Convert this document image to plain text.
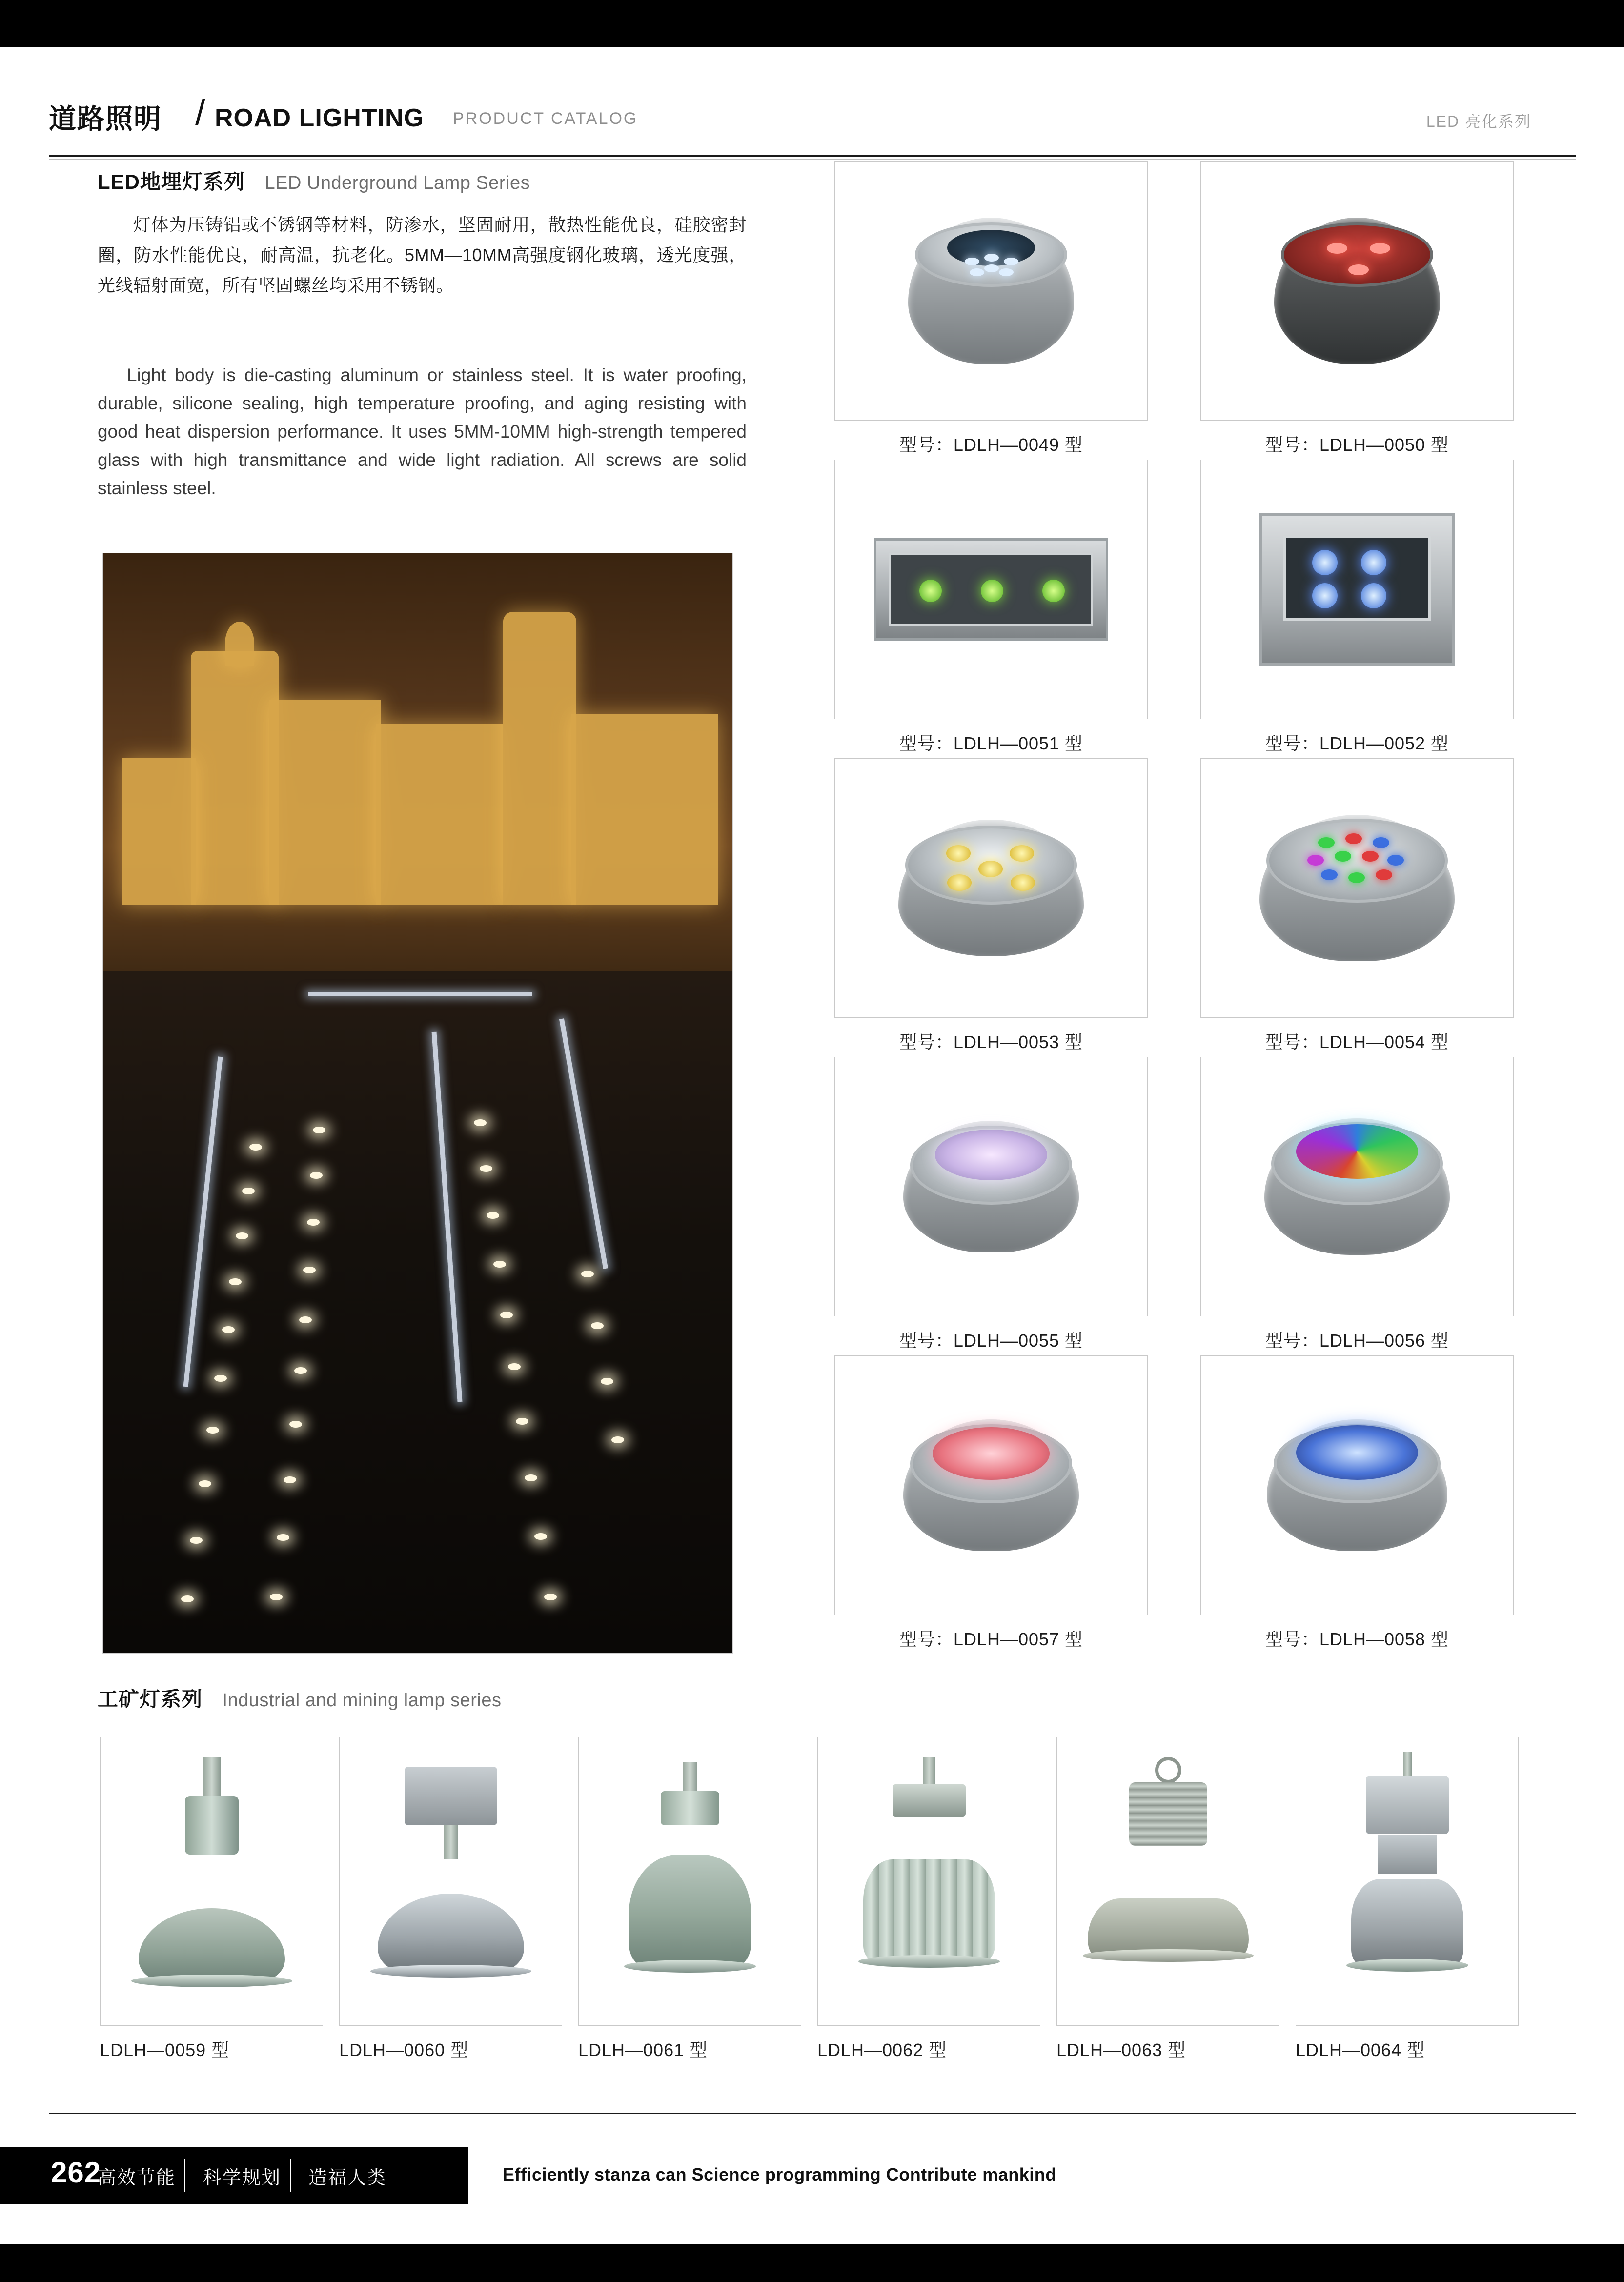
道路照明 / ROAD LIGHTING PRODUCT CATALOG	LED 亮化系列
LED地埋灯系列 LED Underground Lamp Series
灯体为压铸铝或不锈钢等材料，防渗水，坚固耐用，散热性能优良，硅胶密封圈，防水性能优良，耐高温，抗老化。5MM—10MM高强度钢化玻璃，透光度强，光线辐射面宽，所有坚固螺丝均采用不锈钢。
Light body is die-casting aluminum or stainless steel. It is water proofing, durable, silicone sealing, high temperature proofing, and aging resisting with good heat dispersion performance. It uses 5MM-10MM high-strength tempered glass with high transmittance and wide light radiation. All screws are solid stainless steel.
型号：LDLH—0049 型	型号：LDLH—0050 型
型号：LDLH—0051 型	型号：LDLH—0052 型
型号：LDLH—0053 型	型号：LDLH—0054 型
型号：LDLH—0055 型	型号：LDLH—0056 型
型号：LDLH—0057 型	型号：LDLH—0058 型
工矿灯系列 Industrial and mining lamp series
LDLH—0059 型	LDLH—0060 型	LDLH—0061 型	LDLH—0062 型	LDLH—0063 型	LDLH—0064 型
262
高效节能 科学规划 造福人类	Efficiently stanza can Science programming Contribute mankind
